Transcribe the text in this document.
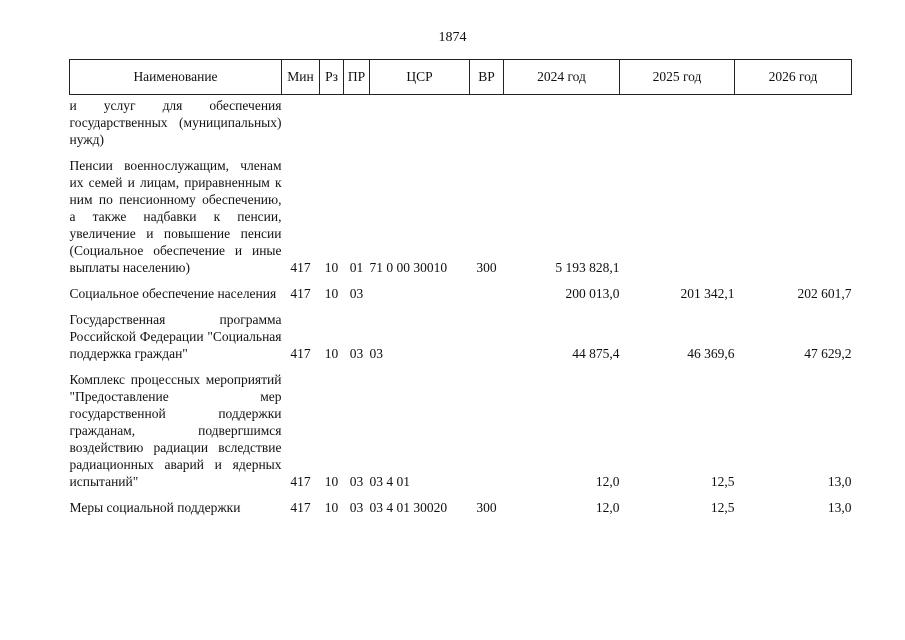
1874
Наименование	Мин	Рз	ПР	ЦСР	ВР	2024 год	2025 год	2026 год
и услуг для обеспечения государственных (муниципальных) нужд)								
Пенсии военнослужащим, членам их семей и лицам, приравненным к ним по пенсионному обеспечению, а также надбавки к пенсии, увеличение и повышение пенсии (Социальное обеспечение и иные выплаты населению)	417	10	01	71 0 00 30010	300	5 193 828,1		
Социальное обеспечение населения	417	10	03			200 013,0	201 342,1	202 601,7
Государственная программа Российской Федерации "Социальная поддержка граждан"	417	10	03	03		44 875,4	46 369,6	47 629,2
Комплекс процессных мероприятий "Предоставление мер государственной поддержки гражданам, подвергшимся воздействию радиации вследствие радиационных аварий и ядерных испытаний"	417	10	03	03 4 01		12,0	12,5	13,0
Меры социальной поддержки	417	10	03	03 4 01 30020	300	12,0	12,5	13,0
